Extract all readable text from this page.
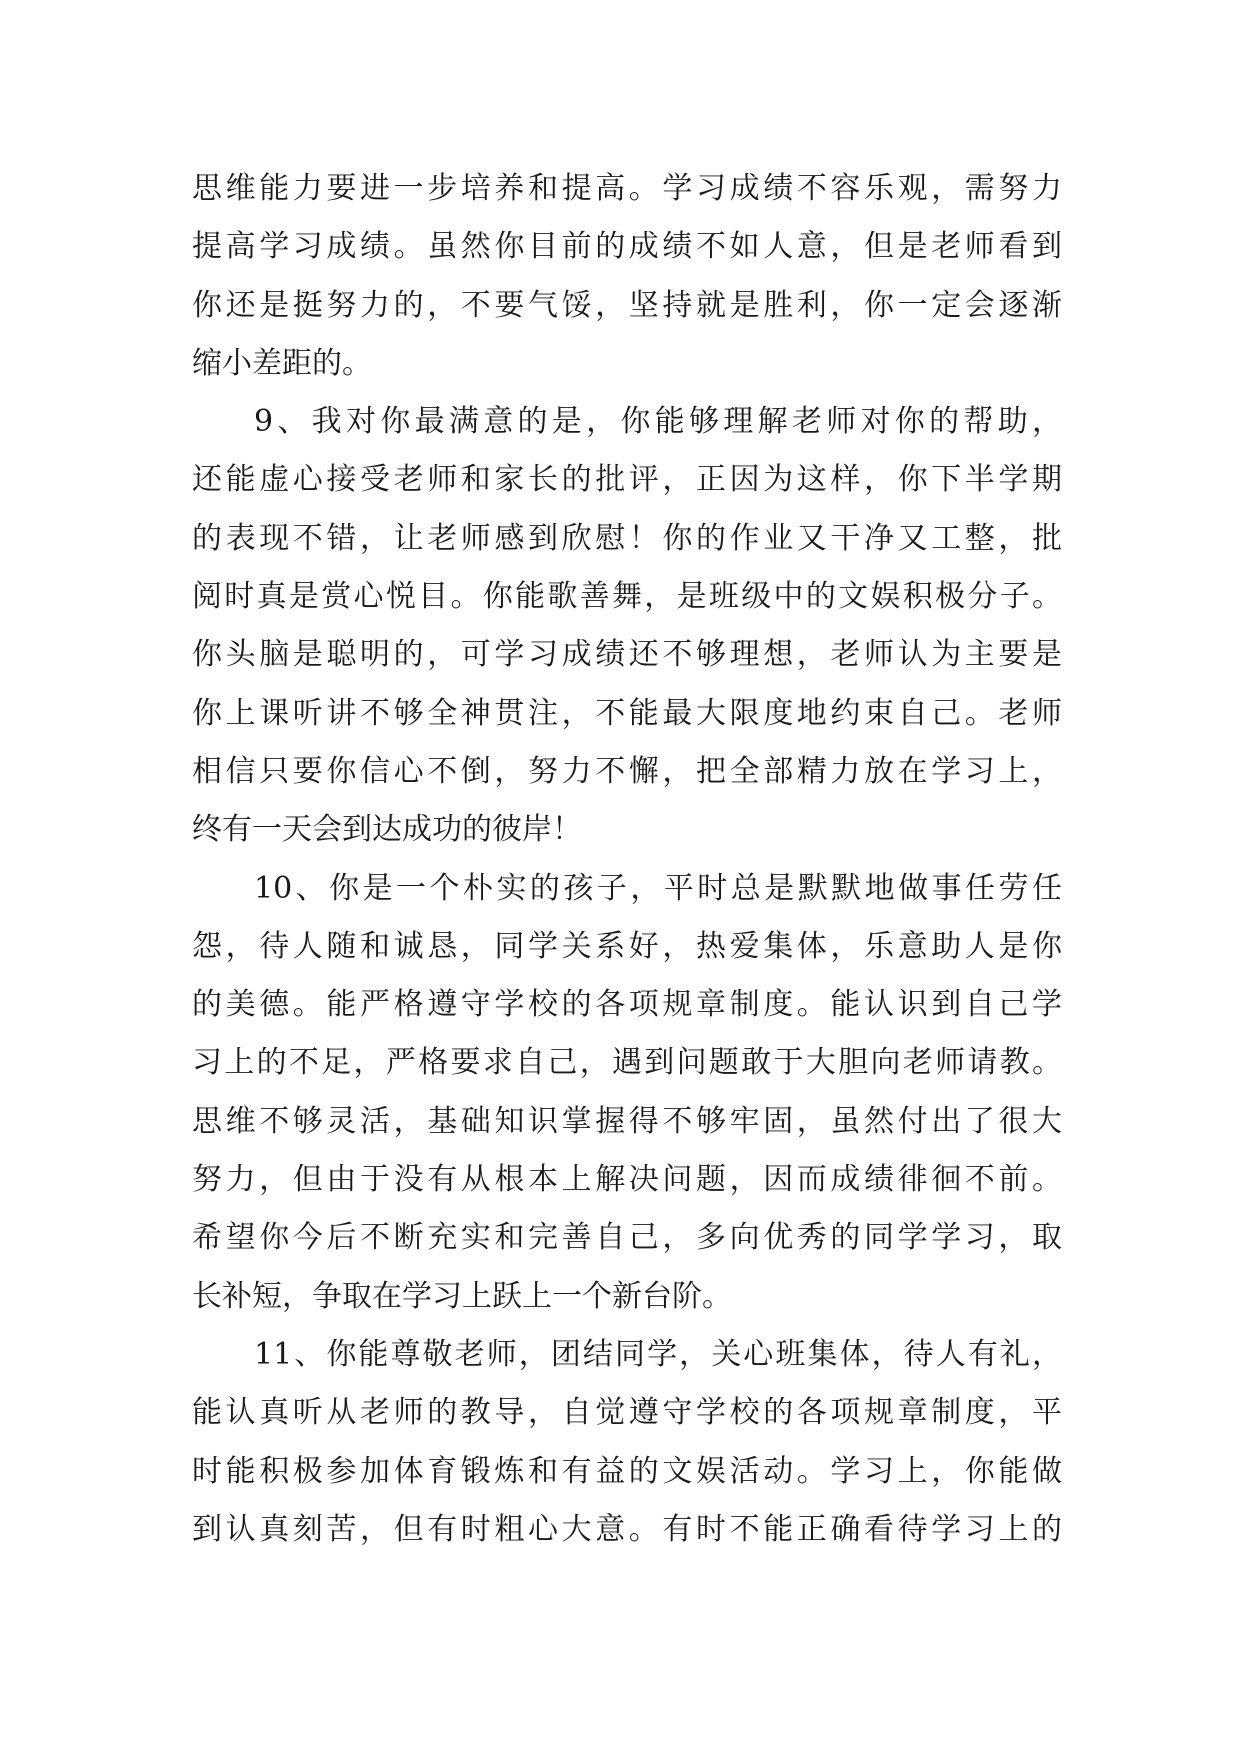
思维能力要进一步培养和提高。学习成绩不容乐观，需努力
提高学习成绩。虽然你目前的成绩不如人意，但是老师看到
你还是挺努力的，不要气馁，坚持就是胜利，你一定会逐渐
缩小差距的。
9、我对你最满意的是，你能够理解老师对你的帮助，
还能虚心接受老师和家长的批评，正因为这样，你下半学期
的表现不错，让老师感到欣慰！你的作业又干净又工整，批
阅时真是赏心悦目。你能歌善舞，是班级中的文娱积极分子。
你头脑是聪明的，可学习成绩还不够理想，老师认为主要是
你上课听讲不够全神贯注，不能最大限度地约束自己。老师
相信只要你信心不倒，努力不懈，把全部精力放在学习上，
终有一天会到达成功的彼岸！
10、你是一个朴实的孩子，平时总是默默地做事任劳任
怨，待人随和诚恳，同学关系好，热爱集体，乐意助人是你
的美德。能严格遵守学校的各项规章制度。能认识到自己学
习上的不足，严格要求自己，遇到问题敢于大胆向老师请教。
思维不够灵活，基础知识掌握得不够牢固，虽然付出了很大
努力，但由于没有从根本上解决问题，因而成绩徘徊不前。
希望你今后不断充实和完善自己，多向优秀的同学学习，取
长补短，争取在学习上跃上一个新台阶。
11、你能尊敬老师，团结同学，关心班集体，待人有礼，
能认真听从老师的教导，自觉遵守学校的各项规章制度，平
时能积极参加体育锻炼和有益的文娱活动。学习上，你能做
到认真刻苦，但有时粗心大意。有时不能正确看待学习上的
